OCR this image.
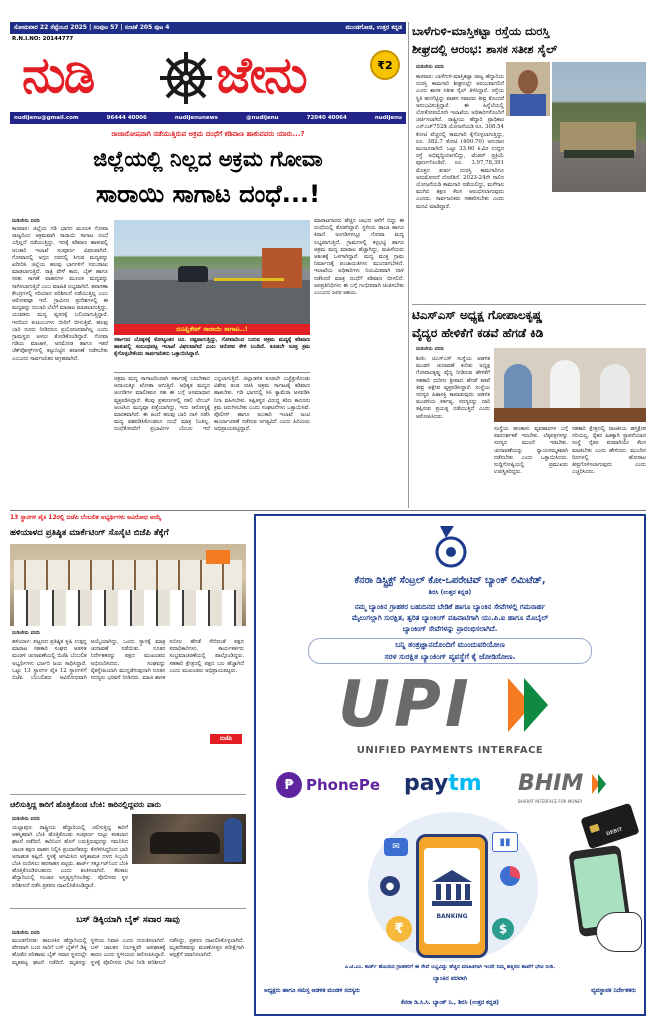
ಸೋಮವಾರ 22 ಸೆಪ್ಟೆಂಬರ 2025 | ಸಂಪುಟ 57 | ಸಂಚಿಕೆ 205 ಪುಟ 4	ಮುಂಡಗೋಡ, ಉತ್ತರ ಕನ್ನಡ
R.N.I.NO: 20144777
ನುಡಿ	ಜೇನು	₹2
nudijenu@gmail.com	96444 40006	nudijenunews	@nudijenu	72040 40064	nudijenu
ರಾಜಾರೋಷವಾಗಿ ನಡೆಯುತ್ತಿರುವ ಅಕ್ರಮ ದಂಧೆಗೆ ಕಡಿವಾಣ ಹಾಕುವವರು ಯಾರು...?
ಜಿಲ್ಲೆಯಲ್ಲಿ ನಿಲ್ಲದ ಅಕ್ರಮ ಗೋವಾ
ಸಾರಾಯಿ ಸಾಗಾಟ ದಂಧೆ...!
ನುಡಿಜೇನು ವರದಿ
ಕಾರವಾರ: ಜಿಲ್ಲೆಯ ಗಡಿ ಭಾಗದ ಮೂಲಕ ಗೋವಾ ರಾಜ್ಯದಿಂದ ಅಕ್ರಮವಾಗಿ ಸಾರಾಯಿ ಸಾಗಾಟ ದಂಧೆ ಎಗ್ಗಿಲ್ಲದೆ ನಡೆಯುತ್ತಿದ್ದು, ಇದಕ್ಕೆ ಕಡಿವಾಣ ಹಾಕುವಲ್ಲಿ ಅಬಕಾರಿ ಇಲಾಖೆ ಸಂಪೂರ್ಣ ವಿಫಲವಾಗಿದೆ. ಗೋವಾದಲ್ಲಿ ಅಗ್ಗದ ದರದಲ್ಲಿ ಸಿಗುವ ಮದ್ಯವನ್ನು ಖರೀದಿಸಿ ಜಿಲ್ಲೆಯ ಹಲವು ಭಾಗಗಳಿಗೆ ಸರಬರಾಜು ಮಾಡಲಾಗುತ್ತಿದೆ. ರಾತ್ರಿ ವೇಳೆ ಕಾರು, ಬೈಕ್ ಹಾಗೂ ಸರಕು ಸಾಗಣೆ ವಾಹನಗಳ ಮೂಲಕ ಮದ್ಯವನ್ನು ಸಾಗಿಸಲಾಗುತ್ತಿದೆ ಎಂಬ ಮಾಹಿತಿ ಲಭ್ಯವಾಗಿದೆ. ತಪಾಸಣಾ ಕೇಂದ್ರಗಳಲ್ಲಿ ಸರಿಯಾದ ಪರಿಶೀಲನೆ ನಡೆಯುತ್ತಿಲ್ಲ ಎಂಬ ಆರೋಪವೂ ಇದೆ. ಗ್ರಾಮೀಣ ಪ್ರದೇಶಗಳಲ್ಲಿ ಈ ಮದ್ಯವನ್ನು ದುಬಾರಿ ಬೆಲೆಗೆ ಮಾರಾಟ ಮಾಡಲಾಗುತ್ತಿದ್ದು, ಯುವಕರು ಮದ್ಯ ವ್ಯಸನಕ್ಕೆ ಬಲಿಯಾಗುತ್ತಿದ್ದಾರೆ. ಇದರಿಂದ ಕುಟುಂಬಗಳು ಬೀದಿಗೆ ಬೀಳುತ್ತಿವೆ. ಹಲವು ಬಾರಿ ದೂರು ನೀಡಿದರೂ ಪ್ರಯೋಜನವಾಗಿಲ್ಲ ಎಂದು ಗ್ರಾಮಸ್ಥರು ಅಳಲು ತೋಡಿಕೊಂಡಿದ್ದಾರೆ. ಗೋವಾ ಗಡಿಯ ಮಾಜಾಳಿ, ಅನಮೋಡ ಹಾಗೂ ಇತರೆ ಚೆಕ್‌ಪೋಸ್ಟ್‌ಗಳಲ್ಲಿ ಕಟ್ಟುನಿಟ್ಟಿನ ತಪಾಸಣೆ ನಡೆಸಬೇಕು ಎಂಬುದು ಸಾರ್ವಜನಿಕರ ಆಗ್ರಹವಾಗಿದೆ.
ದೂಪ್ಲಿಕೇಟ್ ಸಾರಾಯಿ ಸಾಗಾಟ..!
ಸರ್ಕಾರದ ಬೊಕ್ಕಸಕ್ಕೆ ಕೋಟ್ಯಂತರ ರೂ. ನಷ್ಟವಾಗುತ್ತಿದ್ದು, ಗೋವಾದಿಂದ ಬರುವ ಅಕ್ರಮ ಮದ್ಯಕ್ಕೆ ಕಡಿವಾಣ ಹಾಕುವಲ್ಲಿ ಸಂಬಂಧಪಟ್ಟ ಇಲಾಖೆ ವಿಫಲವಾಗಿದೆ ಎಂಬ ಆರೋಪ ಕೇಳಿ ಬಂದಿದೆ. ಕೂಡಲೇ ಸೂಕ್ತ ಕ್ರಮ ಕೈಗೊಳ್ಳಬೇಕೆಂದು ಸಾರ್ವಜನಿಕರು ಒತ್ತಾಯಿಸಿದ್ದಾರೆ.
ಅಕ್ರಮ ಮದ್ಯ ಸಾಗಾಟದಿಂದಾಗಿ ಸರ್ಕಾರಕ್ಕೆ ಬರಬೇಕಾದ ಆದಾಯಕ್ಕೂ ಖೋತಾ ಆಗುತ್ತಿದೆ. ಅಧಿಕೃತ ಮದ್ಯದ ಅಂಗಡಿಗಳ ಮಾಲೀಕರೂ ಸಹ ಈ ಬಗ್ಗೆ ಅಸಮಾಧಾನ ವ್ಯಕ್ತಪಡಿಸಿದ್ದಾರೆ. ಕೆಲವು ಪ್ರಕರಣಗಳಲ್ಲಿ ನಕಲಿ ಲೇಬಲ್ ಅಂಟಿಸಿದ ಮದ್ಯವೂ ಪತ್ತೆಯಾಗಿದ್ದು, ಇದು ಆರೋಗ್ಯಕ್ಕೆ ಮಾರಕವಾಗಿದೆ. ಈ ಹಿಂದೆ ಹಲವು ಬಾರಿ ದಾಳಿ ನಡೆಸಿ ಮದ್ಯ ವಶಪಡಿಸಿಕೊಂಡರೂ ದಂಧೆ ಮಾತ್ರ ನಿಂತಿಲ್ಲ. ದಂಧೆಕೋರರಿಗೆ ಪ್ರಭಾವಿಗಳ ಬೆಂಬಲ ಇದೆ ಎನ್ನಲಾಗುತ್ತಿದೆ. ಜಿಲ್ಲಾಡಳಿತ ಕೂಡಲೇ ಎಚ್ಚೆತ್ತುಕೊಂಡು ವಿಶೇಷ ತಂಡ ರಚಿಸಿ ಅಕ್ರಮ ಸಾಗಾಟಕ್ಕೆ ಕಡಿವಾಣ ಹಾಕಬೇಕು. ಗಡಿ ಭಾಗದಲ್ಲಿ ಸಿಸಿ ಕ್ಯಾಮೆರಾ ಅಳವಡಿಸಿ ನಿಗಾ ವಹಿಸಬೇಕು. ತಪ್ಪಿತಸ್ಥರ ವಿರುದ್ಧ ಕಠಿಣ ಕಾನೂನು ಕ್ರಮ ಜರುಗಿಸಬೇಕು ಎಂದು ಸಂಘಟನೆಗಳು ಒತ್ತಾಯಿಸಿವೆ. ಪೊಲೀಸ್ ಹಾಗೂ ಅಬಕಾರಿ ಇಲಾಖೆ ಜಂಟಿ ಕಾರ್ಯಾಚರಣೆ ನಡೆಸುವ ಅಗತ್ಯವಿದೆ ಎಂದು ಹಿರಿಯರು ಅಭಿಪ್ರಾಯಪಟ್ಟಿದ್ದಾರೆ.
ಮಾರಾಟಗಾರರು ಹೆಚ್ಚಿನ ಲಾಭದ ಆಸೆಗೆ ಬಿದ್ದು ಈ ದಂಧೆಯಲ್ಲಿ ತೊಡಗಿದ್ದಾರೆ. ಸ್ಥಳೀಯ ಡಾಬಾ ಹಾಗೂ ಕಿರಾಣಿ ಅಂಗಡಿಗಳಲ್ಲೂ ಗೋವಾ ಮದ್ಯ ಲಭ್ಯವಾಗುತ್ತಿದೆ. ಗ್ರಾಮಗಳಲ್ಲಿ ಕಳ್ಳಭಟ್ಟಿ ಹಾಗೂ ಅಕ್ರಮ ಮದ್ಯ ಮಾರಾಟ ಹೆಚ್ಚಾಗಿದ್ದು, ಮಹಿಳೆಯರು ಆತಂಕಕ್ಕೆ ಒಳಗಾಗಿದ್ದಾರೆ. ಮದ್ಯ ಮುಕ್ತ ಗ್ರಾಮ ನಿರ್ಮಾಣಕ್ಕೆ ಪಂಚಾಯತಿಗಳು ಮುಂದಾಗಬೇಕಿದೆ. ಇಲಾಖೆಯ ಅಧಿಕಾರಿಗಳು ನಿಯಮಿತವಾಗಿ ದಾಳಿ ನಡೆಸಿದರೆ ಮಾತ್ರ ದಂಧೆಗೆ ಕಡಿವಾಣ ಬೀಳಲಿದೆ. ಜನಪ್ರತಿನಿಧಿಗಳು ಈ ಬಗ್ಗೆ ಗಂಭೀರವಾಗಿ ಚಿಂತಿಸಬೇಕು ಎಂಬುದು ಜನರ ಆಶಯ.
ಬಾಳೆಗುಳಿ-ಮಾಸ್ತಿಕಟ್ಟಾ ರಸ್ತೆಯ ದುರಸ್ತಿ
ಶೀಘ್ರದಲ್ಲಿ ಆರಂಭ: ಶಾಸಕ ಸತೀಶ ಸೈಲ್
ನುಡಿಜೇನು ವರದಿ
ಕಾರವಾರ: ಬಾಳೆಗುಳಿ-ಮಾಸ್ತಿಕಟ್ಟಾ ರಾಜ್ಯ ಹೆದ್ದಾರಿಯ ದುರಸ್ತಿ ಕಾಮಗಾರಿ ಶೀಘ್ರದಲ್ಲೇ ಆರಂಭವಾಗಲಿದೆ ಎಂದು ಶಾಸಕ ಸತೀಶ ಸೈಲ್ ತಿಳಿಸಿದ್ದಾರೆ. ರಸ್ತೆಯ ಸ್ಥಿತಿ ಹದಗೆಟ್ಟಿದ್ದು ವಾಹನ ಸವಾರರು ತೀವ್ರ ತೊಂದರೆ ಅನುಭವಿಸುತ್ತಿದ್ದಾರೆ. ಈ ಹಿನ್ನೆಲೆಯಲ್ಲಿ ಲೋಕೋಪಯೋಗಿ ಇಲಾಖೆಯ ಅಧಿಕಾರಿಗಳೊಂದಿಗೆ ಚರ್ಚಿಸಲಾಗಿದೆ. ರಾಷ್ಟ್ರೀಯ ಹೆದ್ದಾರಿ ಪ್ರಾಧಿಕಾರ ಎನ್‌ಎಚ್‌752ಡಿ ಯೋಜನೆಯಡಿ ರೂ. 308.54 ಕೋಟಿ ವೆಚ್ಚದಲ್ಲಿ ಕಾಮಗಾರಿ ಕೈಗೊಳ್ಳಲಾಗುತ್ತಿದ್ದು, ರೂ. 382.7 ಕೋಟಿ (400.70) ಅನುದಾನ ಮಂಜೂರಾಗಿದೆ. ಒಟ್ಟು 33.60 ಕಿ.ಮೀ ಉದ್ದದ ರಸ್ತೆ ಅಭಿವೃದ್ಧಿಯಾಗಲಿದ್ದು, ಟೆಂಡರ್ ಪ್ರಕ್ರಿಯೆ ಪೂರ್ಣಗೊಂಡಿದೆ. ರೂ. 3,97,78,391 ಮೊತ್ತದ ತುರ್ತು ದುರಸ್ತಿ ಕಾಮಗಾರಿಗೂ ಅನುಮೋದನೆ ದೊರೆತಿದೆ. 2023-24ನೇ ಸಾಲಿನ ಯೋಜನೆಯಡಿ ಕಾಮಗಾರಿ ನಡೆಯಲಿದ್ದು, ಮಳೆಗಾಲ ಮುಗಿದ ತಕ್ಷಣ ಕೆಲಸ ಆರಂಭಿಸಲಾಗುವುದು ಎಂದರು. ಸಾರ್ವಜನಿಕರು ಸಹಕರಿಸಬೇಕು ಎಂದು ಮನವಿ ಮಾಡಿದ್ದಾರೆ.
ಟಿಎಸ್‌ಎಸ್ ಅಧ್ಯಕ್ಷ ಗೋಪಾಲಕೃಷ್ಣ
ವೈದ್ಯರ ಹೇಳಿಕೆಗೆ ಕಡವೆ ಹೆಗಡೆ ಕಿಡಿ
ನುಡಿಜೇನು ವರದಿ
ಶಿರಸಿ: ಟಿಎಸ್‌ಎಸ್ ಸಂಸ್ಥೆಯ ಆಡಳಿತ ಮಂಡಳಿ ಚುನಾವಣೆ ಕುರಿತು ಅಧ್ಯಕ್ಷ ಗೋಪಾಲಕೃಷ್ಣ ವೈದ್ಯ ನೀಡಿರುವ ಹೇಳಿಕೆಗೆ ಸಹಕಾರಿ ಧುರೀಣ ಶ್ರೀಪಾದ ಹೆಗಡೆ ಕಡವೆ ತೀವ್ರ ಆಕ್ಷೇಪ ವ್ಯಕ್ತಪಡಿಸಿದ್ದಾರೆ. ಸಂಸ್ಥೆಯ ಸದಸ್ಯರ ಹಿತಾಸಕ್ತಿ ಕಾಪಾಡುವುದು ಆಡಳಿತ ಮಂಡಳಿಯ ಕರ್ತವ್ಯ. ಸದಸ್ಯರನ್ನು ದಾರಿ ತಪ್ಪಿಸುವ ಪ್ರಯತ್ನ ನಡೆಯುತ್ತಿದೆ ಎಂದು ಆರೋಪಿಸಿದರು.
ಸಂಸ್ಥೆಯ ಹಣಕಾಸು ವ್ಯವಹಾರಗಳ ಬಗ್ಗೆ ಪಾರದರ್ಶಕತೆ ಇರಬೇಕು. ಲೆಕ್ಕಪತ್ರಗಳನ್ನು ಸದಸ್ಯರ ಮುಂದೆ ಇಡಬೇಕು. ಚುನಾವಣೆಯನ್ನು ನ್ಯಾಯಸಮ್ಮತವಾಗಿ ನಡೆಸಬೇಕು ಎಂದು ಒತ್ತಾಯಿಸಿದರು. ಸುದ್ದಿಗೋಷ್ಠಿಯಲ್ಲಿ ಪ್ರಮುಖರು ಉಪಸ್ಥಿತರಿದ್ದರು.
ಸಹಕಾರಿ ಕ್ಷೇತ್ರದಲ್ಲಿ ರಾಜಕೀಯ ಹಸ್ತಕ್ಷೇಪ ಸರಿಯಲ್ಲ. ರೈತರ ಹಿತಕ್ಕಾಗಿ ಸ್ಥಾಪನೆಯಾದ ಸಂಸ್ಥೆ ರೈತರ ಪರವಾಗಿಯೇ ಕೆಲಸ ಮಾಡಬೇಕು ಎಂದು ಹೇಳಿದರು. ಮುಂದಿನ ದಿನಗಳಲ್ಲಿ ಹೋರಾಟ ತೀವ್ರಗೊಳಿಸಲಾಗುವುದು ಎಂದು ಎಚ್ಚರಿಸಿದರು.
13 ಸ್ಥಾನಗಳ ಪೈಕಿ 12ರಲ್ಲಿ ಬಿಜೆಪಿ ಬೆಂಬಲಿತ ಅಭ್ಯರ್ಥಿಗಳು ಅವಿರೋಧ ಆಯ್ಕೆ
ಹಳಿಯಾಳದ ಪ್ರತಿಷ್ಠಿತ ಮಾರ್ಕೆಟಿಂಗ್ ಸೊಸೈಟಿ ಬಿಜೆಪಿ ತೆಕ್ಕೆಗೆ
ನುಡಿಜೇನು ವರದಿ
ಹಳಿಯಾಳ: ಪಟ್ಟಣದ ಪ್ರತಿಷ್ಠಿತ ಕೃಷಿ ಉತ್ಪನ್ನ ಮಾರಾಟ ಸಹಕಾರಿ ಸಂಘದ ಆಡಳಿತ ಮಂಡಳಿ ಚುನಾವಣೆಯಲ್ಲಿ ಬಿಜೆಪಿ ಬೆಂಬಲಿತ ಅಭ್ಯರ್ಥಿಗಳು ಭರ್ಜರಿ ಜಯ ಸಾಧಿಸಿದ್ದಾರೆ. ಒಟ್ಟು 13 ಸ್ಥಾನಗಳ ಪೈಕಿ 12 ಸ್ಥಾನಗಳಿಗೆ ಬಿಜೆಪಿ ಬೆಂಬಲಿತರು ಅವಿರೋಧವಾಗಿ ಆಯ್ಕೆಯಾಗಿದ್ದು, ಒಂದು ಸ್ಥಾನಕ್ಕೆ ಮಾತ್ರ ಚುನಾವಣೆ ನಡೆಯಿತು. ನೂತನ ನಿರ್ದೇಶಕರನ್ನು ಪಕ್ಷದ ಮುಖಂಡರು ಅಭಿನಂದಿಸಿದರು. ಸಂಘವನ್ನು ರೈತಸ್ನೇಹಿಯಾಗಿ ಮುನ್ನಡೆಸುವುದಾಗಿ ನೂತನ ಸದಸ್ಯರು ಭರವಸೆ ನೀಡಿದರು. ಮಾಜಿ ಶಾಸಕ ಸುನೀಲ ಹೆಗಡೆ ಸೇರಿದಂತೆ ಪಕ್ಷದ ಪದಾಧಿಕಾರಿಗಳು, ಕಾರ್ಯಕರ್ತರು ಸಂಭ್ರಮಾಚರಣೆಯಲ್ಲಿ ಪಾಲ್ಗೊಂಡಿದ್ದರು. ಸಹಕಾರಿ ಕ್ಷೇತ್ರದಲ್ಲಿ ಪಕ್ಷದ ಬಲ ಹೆಚ್ಚಾಗಿದೆ ಎಂದು ಮುಖಂಡರು ಅಭಿಪ್ರಾಯಪಟ್ಟರು.
ಬಿಜೆಪಿ
ಚಲಿಸುತ್ತಿದ್ದ ಕಾರಿಗೆ ಹೊತ್ತಿಕೊಂಡ ಬೆಂಕಿ: ಕಾರಿನಲ್ಲಿದ್ದವರು ಪಾರು
ನುಡಿಜೇನು ವರದಿ
ಯಲ್ಲಾಪುರ: ರಾಷ್ಟ್ರೀಯ ಹೆದ್ದಾರಿಯಲ್ಲಿ ಚಲಿಸುತ್ತಿದ್ದ ಕಾರಿಗೆ ಆಕಸ್ಮಿಕವಾಗಿ ಬೆಂಕಿ ಹೊತ್ತಿಕೊಂಡು ಸಂಪೂರ್ಣ ಸುಟ್ಟು ಕರಕಲಾದ ಘಟನೆ ನಡೆದಿದೆ. ಕಾರಿನಿಂದ ಹೊಗೆ ಬರುತ್ತಿರುವುದನ್ನು ಗಮನಿಸಿದ ಚಾಲಕ ತಕ್ಷಣ ವಾಹನ ನಿಲ್ಲಿಸಿ ಪ್ರಯಾಣಿಕರನ್ನು ಕೆಳಗಿಳಿಸಿದ್ದರಿಂದ ಭಾರಿ ಅನಾಹುತ ತಪ್ಪಿದೆ. ಸ್ಥಳಕ್ಕೆ ಆಗಮಿಸಿದ ಅಗ್ನಿಶಾಮಕ ದಳದ ಸಿಬ್ಬಂದಿ ಬೆಂಕಿ ನಂದಿಸಲು ಹರಸಾಹಸ ಪಟ್ಟರು. ಶಾರ್ಟ್ ಸರ್ಕ್ಯೂಟ್‌ನಿಂದ ಬೆಂಕಿ ಹೊತ್ತಿಕೊಂಡಿರಬಹುದು ಎಂದು ಶಂಕಿಸಲಾಗಿದೆ. ಕೆಲಕಾಲ ಹೆದ್ದಾರಿಯಲ್ಲಿ ಸಂಚಾರ ಅಸ್ತವ್ಯಸ್ತಗೊಂಡಿತ್ತು. ಪೊಲೀಸರು ಸ್ಥಳ ಪರಿಶೀಲನೆ ನಡೆಸಿ ಪ್ರಕರಣ ದಾಖಲಿಸಿಕೊಂಡಿದ್ದಾರೆ.
ಬಸ್ ಡಿಕ್ಕಿಯಾಗಿ ಬೈಕ್ ಸವಾರ ಸಾವು
ನುಡಿಜೇನು ವರದಿ
ಮುಂಡಗೋಡ: ತಾಲೂಕಿನ ಹೆದ್ದಾರಿಯಲ್ಲಿ ವೇಗವಾಗಿ ಬಂದ ಸಾರಿಗೆ ಬಸ್ ಬೈಕ್‌ಗೆ ಡಿಕ್ಕಿ ಹೊಡೆದ ಪರಿಣಾಮ ಬೈಕ್ ಸವಾರ ಸ್ಥಳದಲ್ಲೇ ಮೃತಪಟ್ಟ ಘಟನೆ ನಡೆದಿದೆ. ಮೃತನನ್ನು ಸ್ಥಳೀಯ ನಿವಾಸಿ ಎಂದು ಗುರುತಿಸಲಾಗಿದೆ. ಬಸ್ ಚಾಲಕನ ನಿರ್ಲಕ್ಷ್ಯವೇ ಅಪಘಾತಕ್ಕೆ ಕಾರಣ ಎಂದು ಸ್ಥಳೀಯರು ಆರೋಪಿಸಿದ್ದಾರೆ. ಸ್ಥಳಕ್ಕೆ ಪೊಲೀಸರು ಭೇಟಿ ನೀಡಿ ಪರಿಶೀಲನೆ ನಡೆಸಿದ್ದು, ಪ್ರಕರಣ ದಾಖಲಿಸಿಕೊಳ್ಳಲಾಗಿದೆ. ಮೃತದೇಹವನ್ನು ಮರಣೋತ್ತರ ಪರೀಕ್ಷೆಗಾಗಿ ಆಸ್ಪತ್ರೆಗೆ ರವಾನಿಸಲಾಗಿದೆ.
ಕೆನರಾ ಡಿಸ್ಟ್ರಿಕ್ಟ್ ಸೆಂಟ್ರಲ್ ಕೋ-ಒಪರೇಟಿವ್ ಬ್ಯಾಂಕ್ ಲಿಮಿಟೆಡ್,
ಶಿರಸಿ (ಉತ್ತರ ಕನ್ನಡ)
ನಮ್ಮ ಬ್ಯಾಂಕಿನ ಗ್ರಾಹಕರ ಬಹುದಿನದ ಬೇಡಿಕೆ ಹಾಗೂ ಬ್ಯಾಂಕಿನ ಸೇವೆಗಳಲ್ಲಿ ಗಮನಾರ್ಹ
ಮೈಲುಗಲ್ಲಾಗಿ ಸುರಕ್ಷಿತ, ತ್ವರಿತ ಬ್ಯಾಂಕಿಂಗ್ ವಹಿವಾಟಿಗಾಗಿ ಯು.ಪಿ.ಐ ಹಾಗೂ ಮೊಬೈಲ್
ಬ್ಯಾಂಕಿಂಗ್ ಸೇವೆಗಳನ್ನು ಪ್ರಾರಂಭಿಸಲಾಗಿದೆ.
ಬನ್ನಿ ತಂತ್ರಜ್ಞಾನದೊಂದಿಗೆ ಮುಂದುವರಿಯೋಣ
ಸರಳ ಸುರಕ್ಷಿತ ಬ್ಯಾಂಕಿಂಗ್ ವ್ಯವಸ್ಥೆಗೆ ಕೈ ಜೋಡಿಸೋಣ.
UPI
UNIFIED PAYMENTS INTERFACE
₱ PhonePe paytm	BHIM
BHARAT INTERFACE FOR MONEY
BANKING
₹	$
✉	▮▮
●
DEBIT
ಎ.ಟಿ.ಎಂ. ಕಾರ್ಡ್ ಹೊಂದಿದ ಗ್ರಾಹಕರಿಗೆ ಈ ಸೇವೆ ಲಭ್ಯವಿದ್ದು ಹೆಚ್ಚಿನ ಮಾಹಿತಿಗಾಗಿ ಇಂದೇ ನಿಮ್ಮ ಹತ್ತಿರದ ಶಾಖೆಗೆ ಭೇಟಿ ನೀಡಿ.
ಬ್ಯಾಂಕಿನ ಪರವಾಗಿ
ಅಧ್ಯಕ್ಷರು ಹಾಗೂ ಸಮಸ್ತ ಆಡಳಿತ ಮಂಡಳಿ ಸದಸ್ಯರು	ವ್ಯವಸ್ಥಾಪಕ ನಿರ್ದೇಶಕರು
ಕೆನರಾ ಡಿ.ಸಿ.ಸಿ. ಬ್ಯಾಂಕ್ ನಿ., ಶಿರಸಿ (ಉತ್ತರ ಕನ್ನಡ)
